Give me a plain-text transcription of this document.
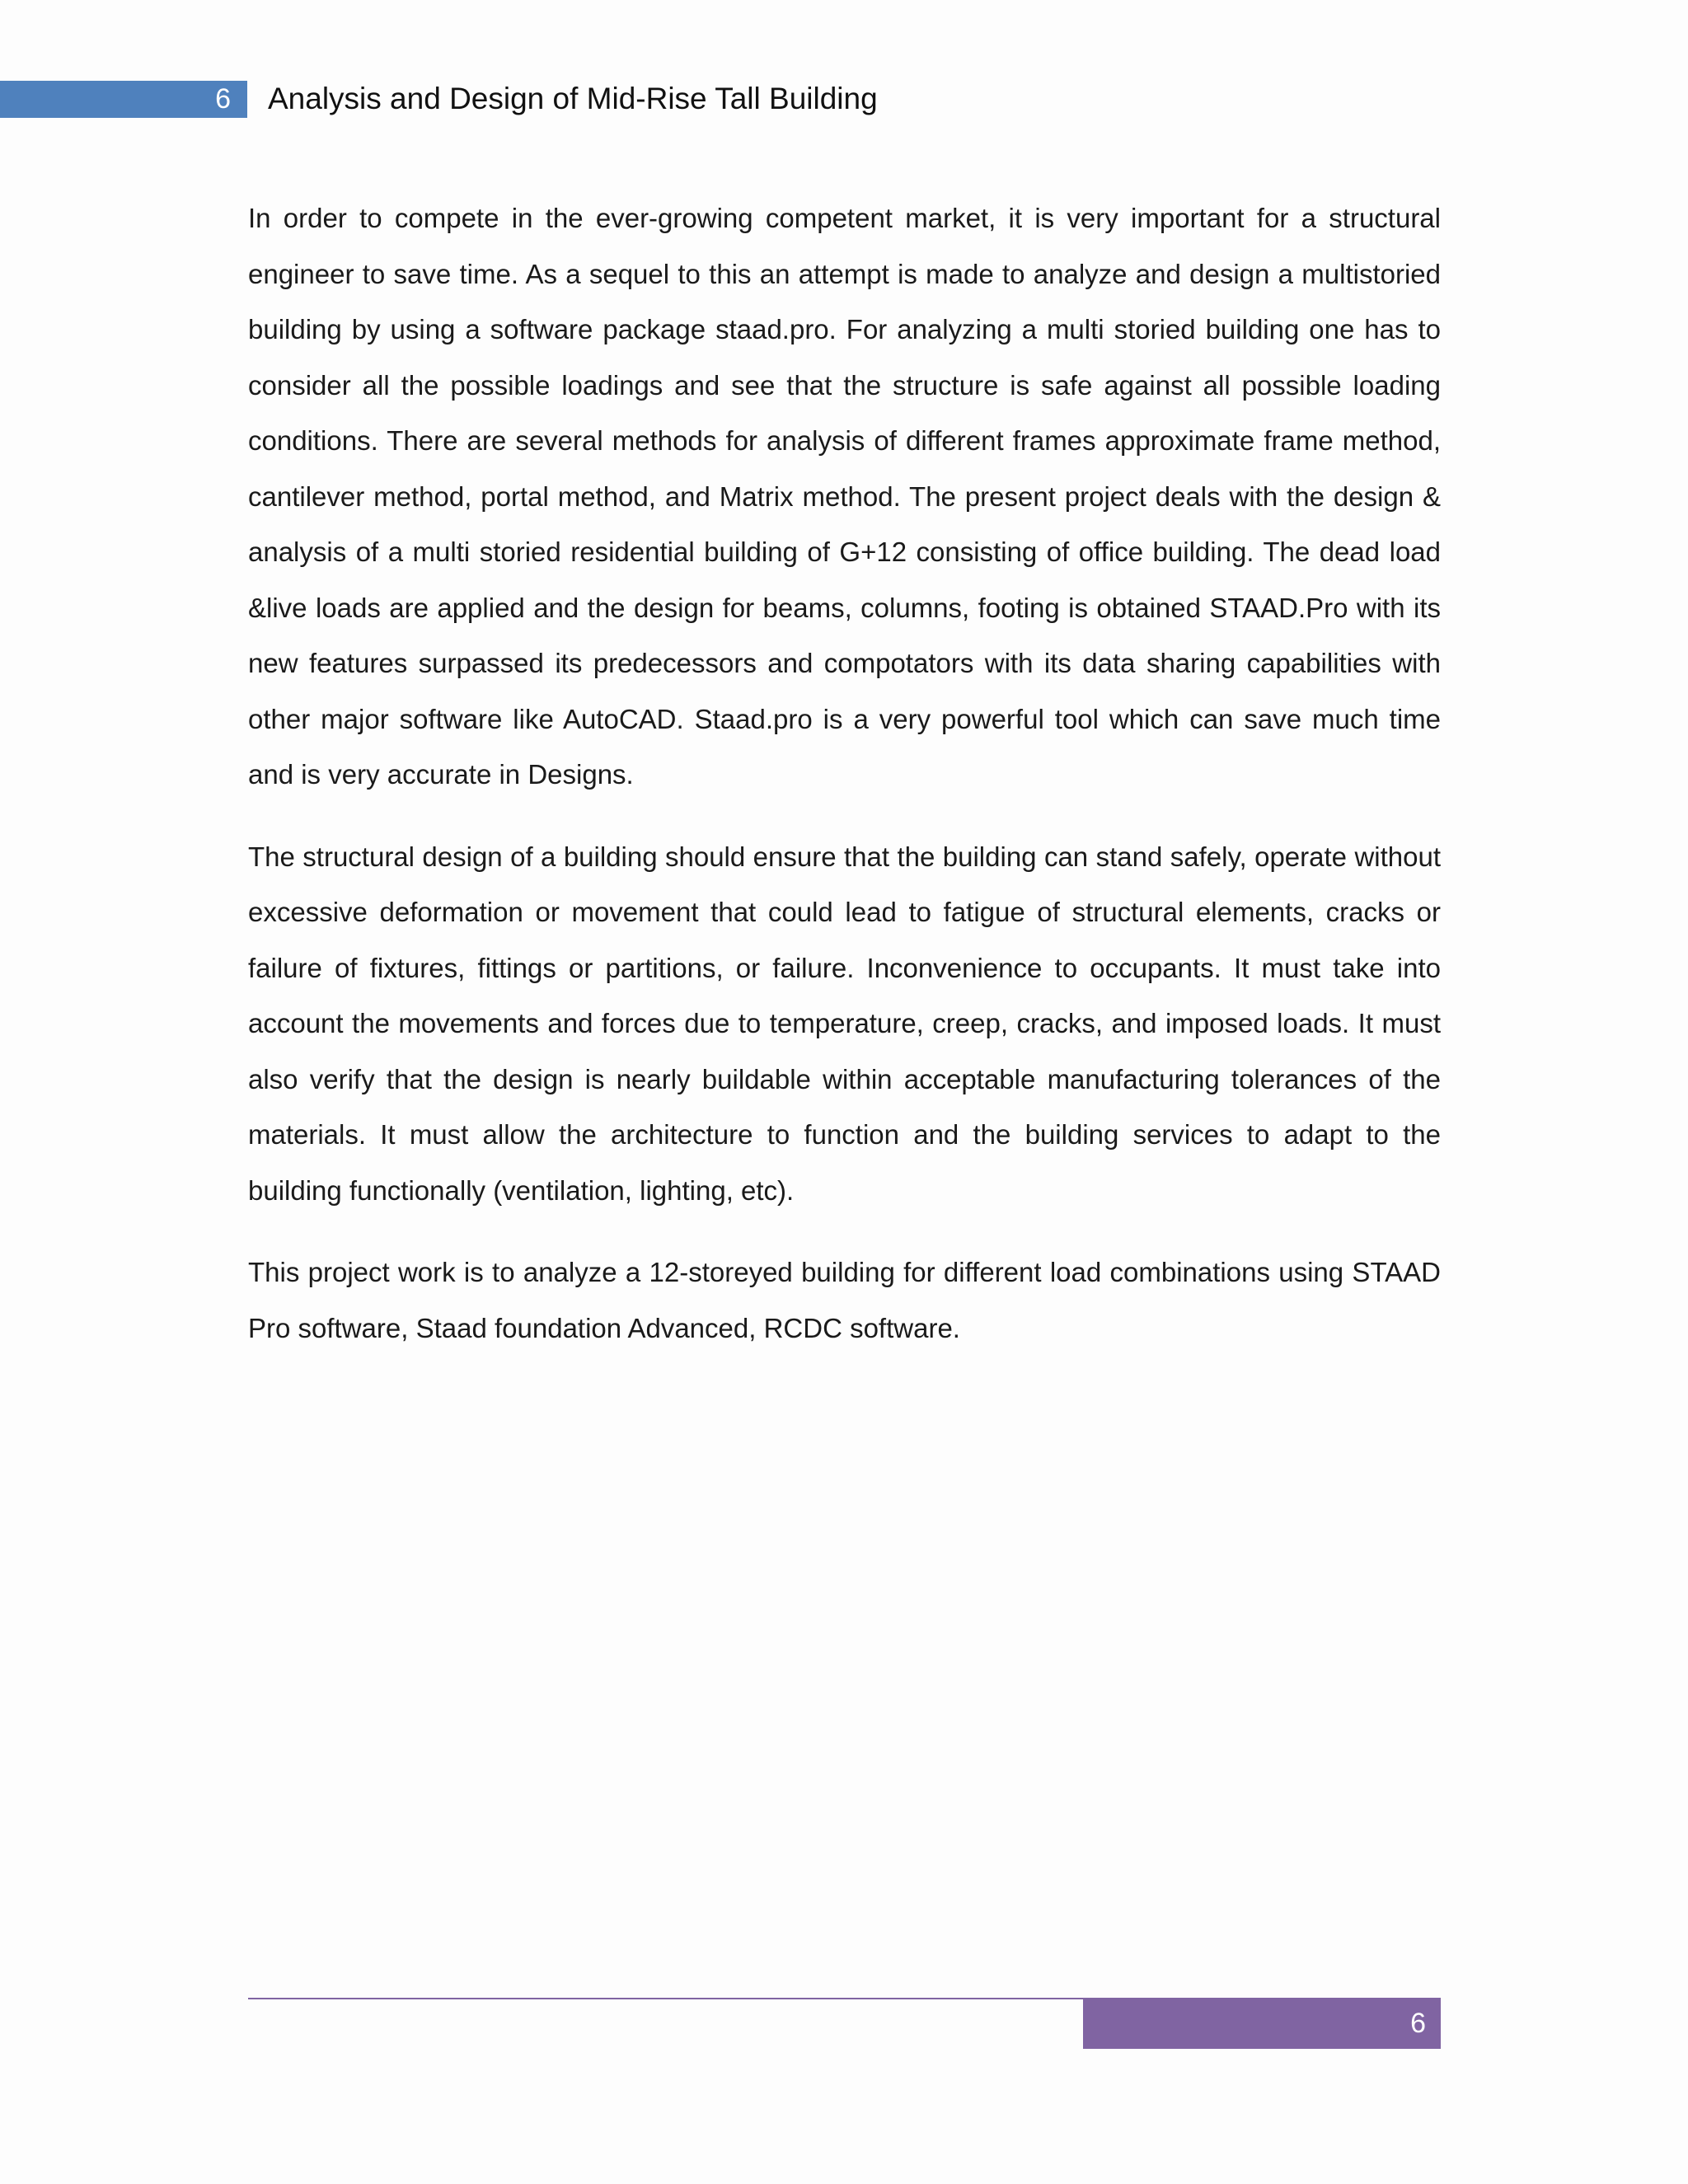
6 Analysis and Design of Mid-Rise Tall Building

In order to compete in the ever-growing competent market, it is very important for a structural engineer to save time. As a sequel to this an attempt is made to analyze and design a multistoried building by using a software package staad.pro. For analyzing a multi storied building one has to consider all the possible loadings and see that the structure is safe against all possible loading conditions. There are several methods for analysis of different frames approximate frame method, cantilever method, portal method, and Matrix method. The present project deals with the design & analysis of a multi storied residential building of G+12 consisting of office building. The dead load &live loads are applied and the design for beams, columns, footing is obtained STAAD.Pro with its new features surpassed its predecessors and compotators with its data sharing capabilities with other major software like AutoCAD. Staad.pro is a very powerful tool which can save much time and is very accurate in Designs.

The structural design of a building should ensure that the building can stand safely, operate without excessive deformation or movement that could lead to fatigue of structural elements, cracks or failure of fixtures, fittings or partitions, or failure. Inconvenience to occupants. It must take into account the movements and forces due to temperature, creep, cracks, and imposed loads. It must also verify that the design is nearly buildable within acceptable manufacturing tolerances of the materials. It must allow the architecture to function and the building services to adapt to the building functionally (ventilation, lighting, etc).

This project work is to analyze a 12-storeyed building for different load combinations using STAAD Pro software, Staad foundation Advanced, RCDC software.

6
